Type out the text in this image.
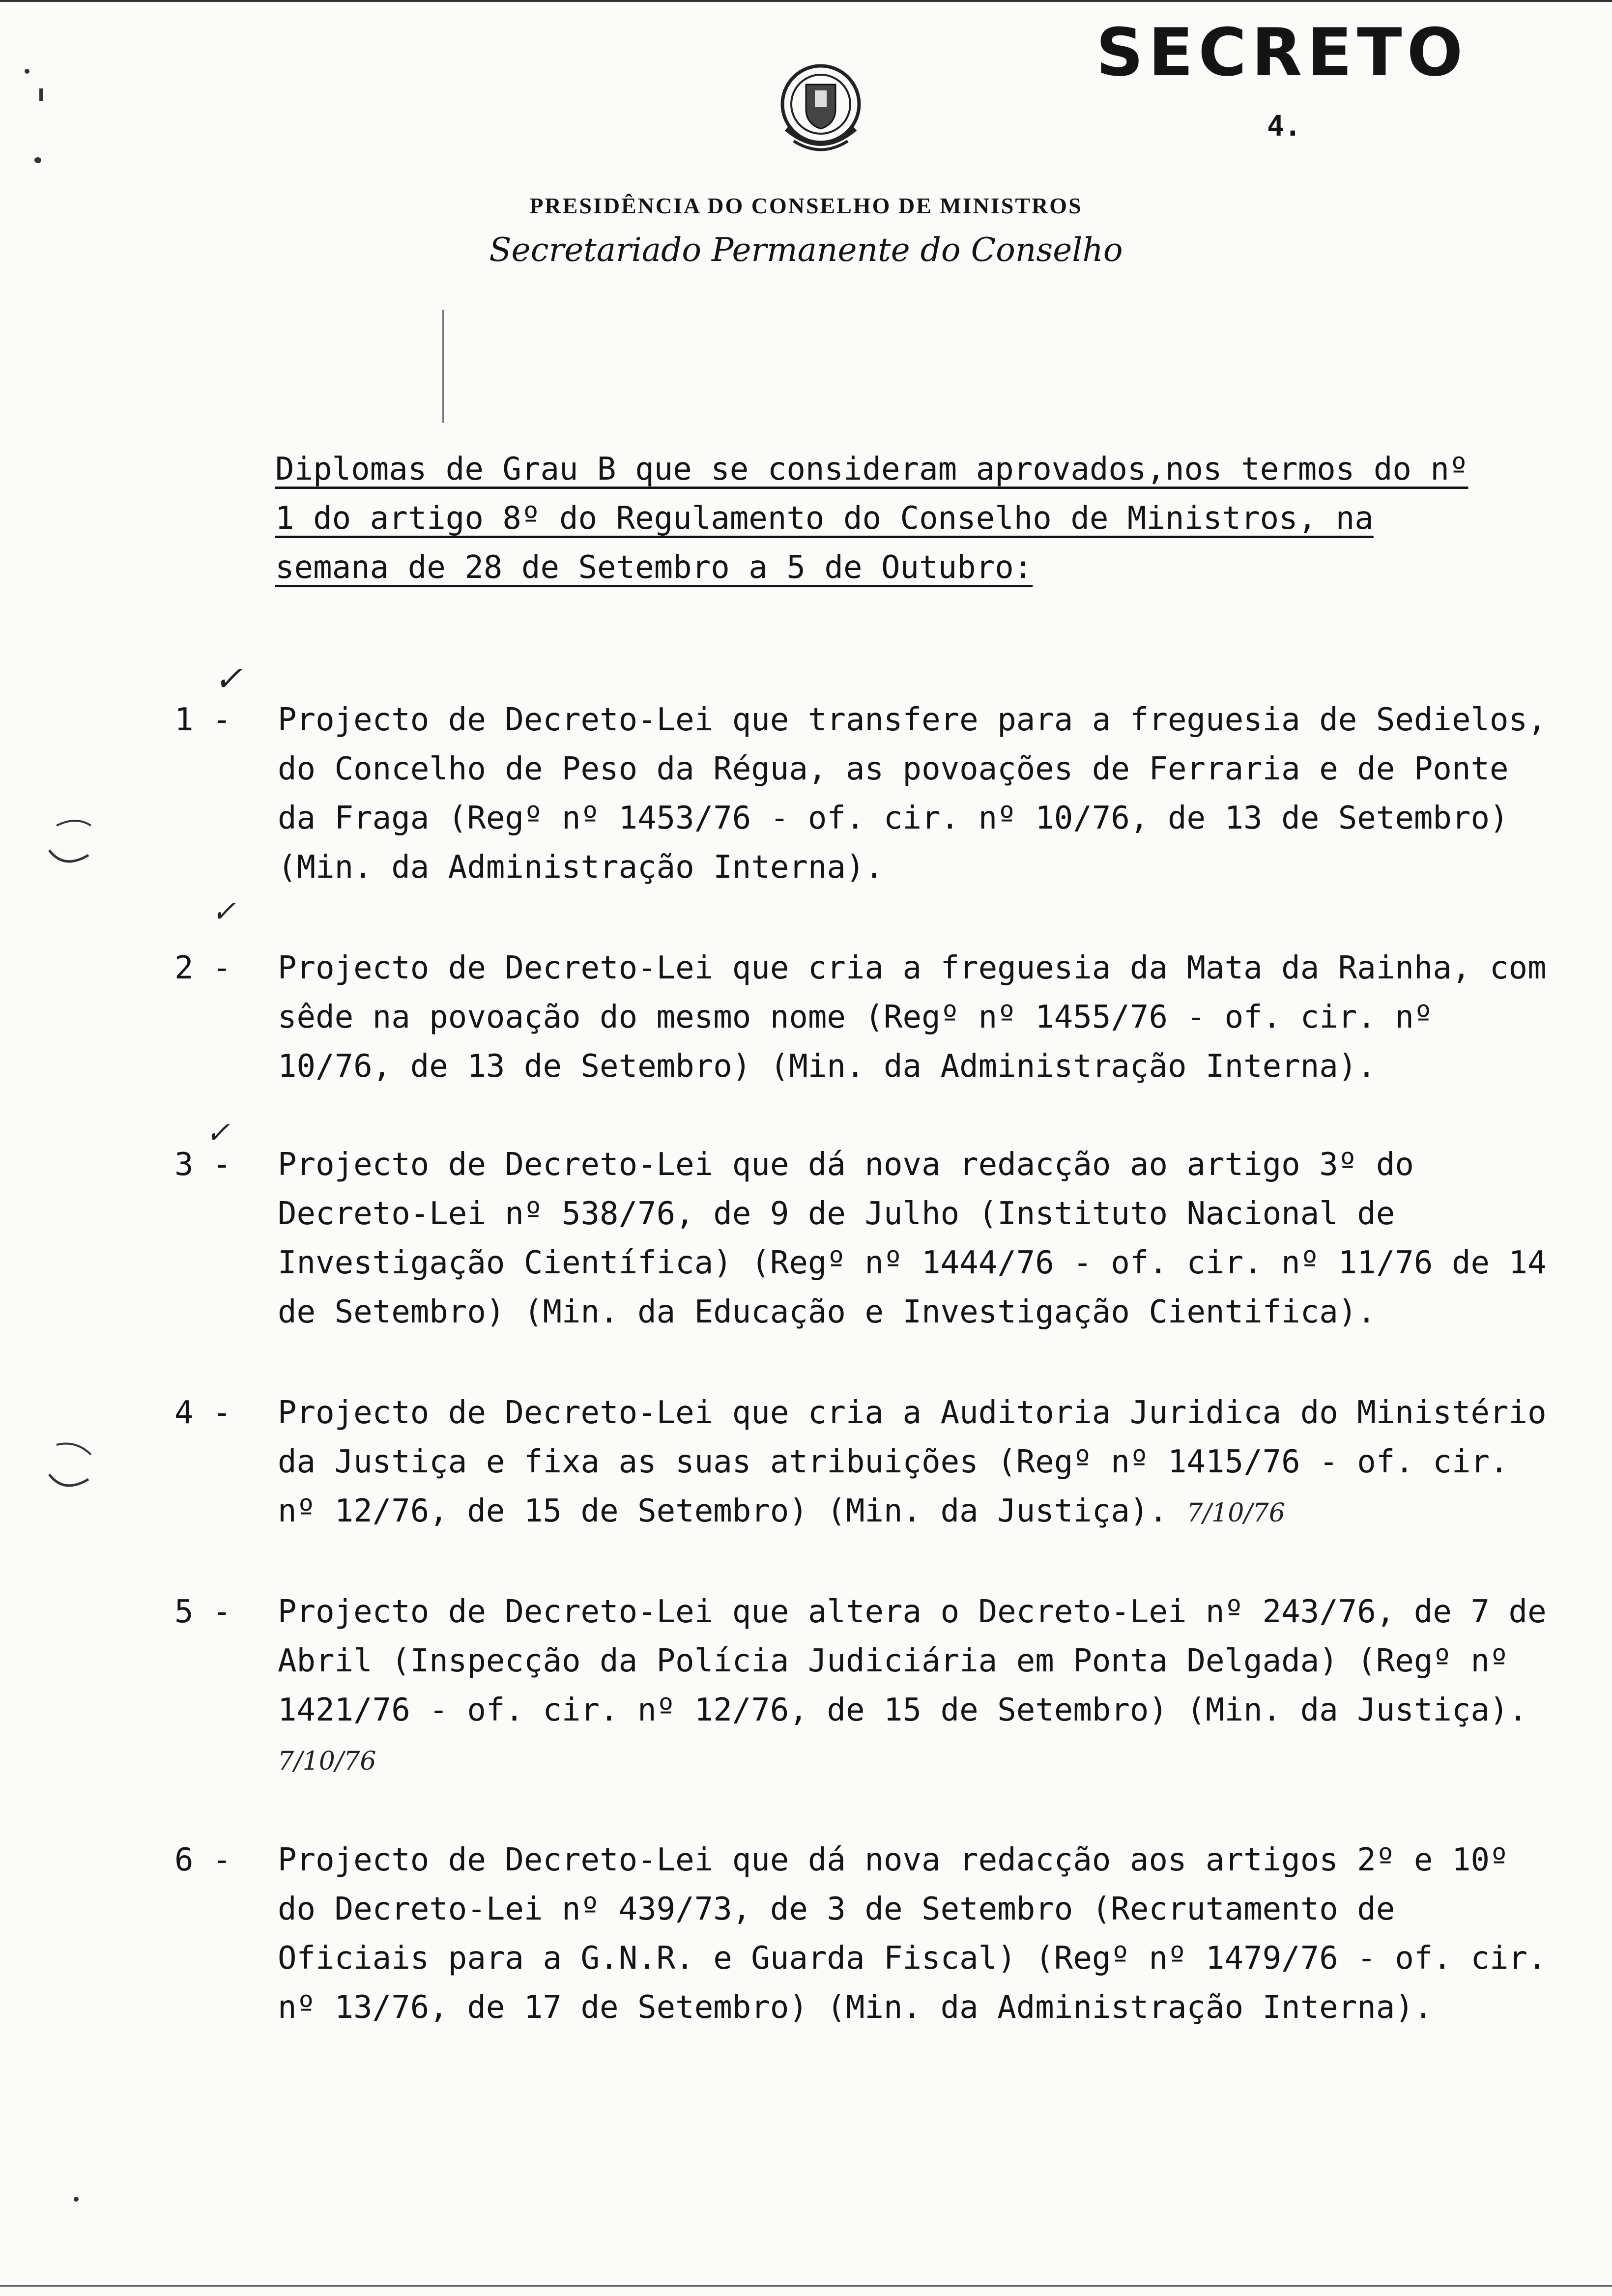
SECRETO
4.
PRESIDÊNCIA DO CONSELHO DE MINISTROS
Secretariado Permanente do Conselho
Diplomas de Grau B que se consideram aprovados,nos termos do nº 1 do artigo 8º do Regulamento do Conselho de Ministros, na semana de 28 de Setembro a 5 de Outubro:
✓
✓
✓
1 - Projecto de Decreto-Lei que transfere para a freguesia de Sedielos, do Concelho de Peso da Régua, as povoações de Ferraria e de Ponte da Fraga (Regº nº 1453/76 - of. cir. nº 10/76, de 13 de Setembro) (Min. da Administração Interna).
2 - Projecto de Decreto-Lei que cria a freguesia da Mata da Rainha, com sêde na povoação do mesmo nome (Regº nº 1455/76 - of. cir. nº 10/76, de 13 de Setembro) (Min. da Administração Interna).
3 - Projecto de Decreto-Lei que dá nova redacção ao artigo 3º do Decreto-Lei nº 538/76, de 9 de Julho (Instituto Nacional de Investigação Científica) (Regº nº 1444/76 - of. cir. nº 11/76 de 14 de Setembro) (Min. da Educação e Investigação Cientifica).
4 - Projecto de Decreto-Lei que cria a Auditoria Juridica do Ministério da Justiça e fixa as suas atribuições (Regº nº 1415/76 - of. cir. nº 12/76, de 15 de Setembro) (Min. da Justiça). 7/10/76
5 - Projecto de Decreto-Lei que altera o Decreto-Lei nº 243/76, de 7 de Abril (Inspecção da Polícia Judiciária em Ponta Delgada) (Regº nº 1421/76 - of. cir. nº 12/76, de 15 de Setembro) (Min. da Justiça). 7/10/76
6 - Projecto de Decreto-Lei que dá nova redacção aos artigos 2º e 10º do Decreto-Lei nº 439/73, de 3 de Setembro (Recrutamento de Oficiais para a G.N.R. e Guarda Fiscal) (Regº nº 1479/76 - of. cir. nº 13/76, de 17 de Setembro) (Min. da Administração Interna).
